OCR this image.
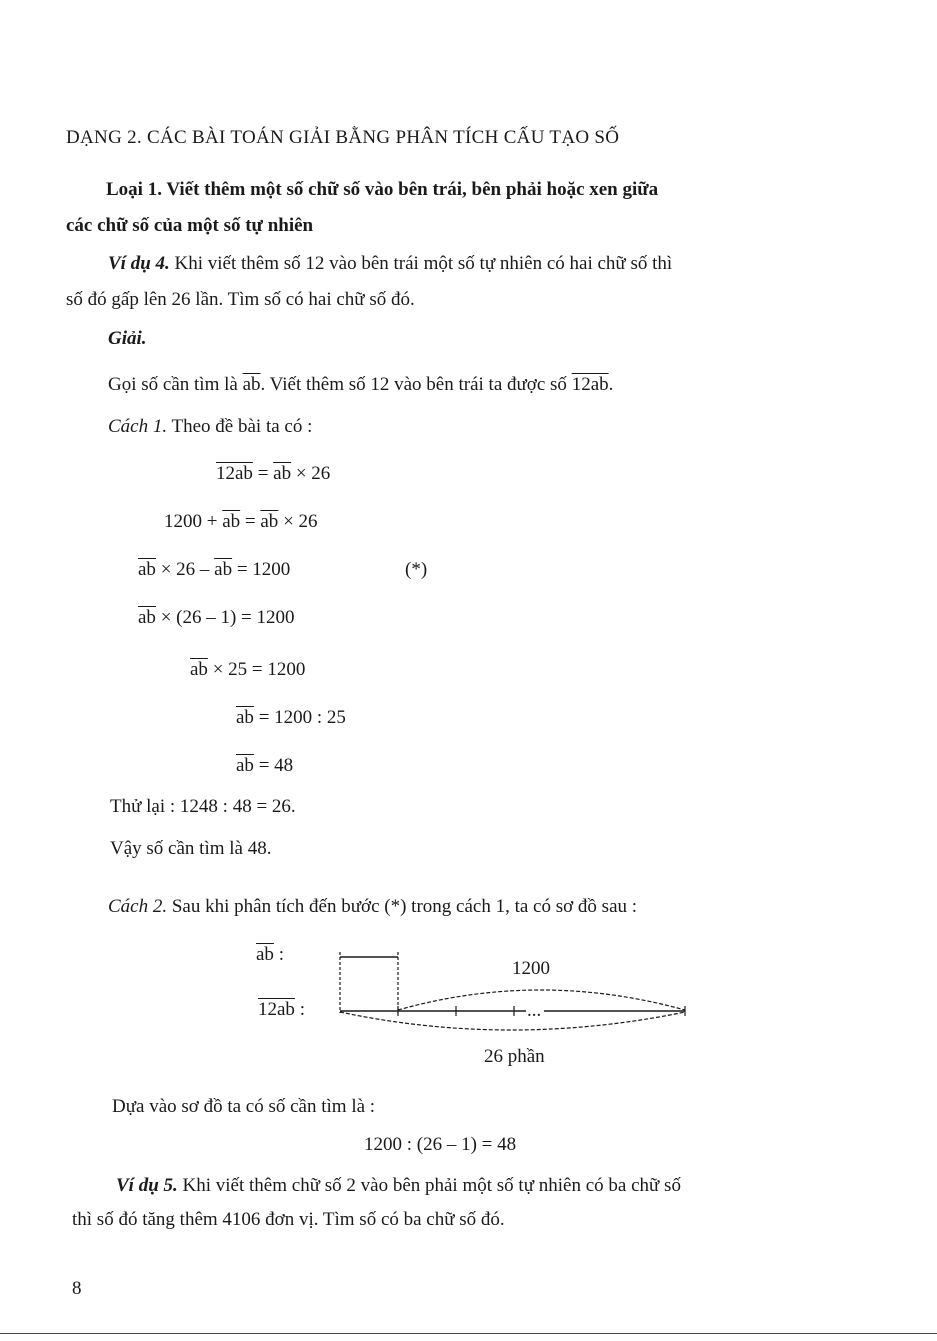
DẠNG 2. CÁC BÀI TOÁN GIẢI BẰNG PHÂN TÍCH CẤU TẠO SỐ
Loại 1. Viết thêm một số chữ số vào bên trái, bên phải hoặc xen giữa
các chữ số của một số tự nhiên
Ví dụ 4. Khi viết thêm số 12 vào bên trái một số tự nhiên có hai chữ số thì
số đó gấp lên 26 lần. Tìm số có hai chữ số đó.
Giải.
Gọi số cần tìm là $\overline{ab}$. Viết thêm số 12 vào bên trái ta được số 12ab.
Cách 1. Theo đề bài ta có :
$12ab = \overline{ab} \times 26$
$1200 + \overline{ab} = \overline{ab} \times 26$
$\overline{ab} \times 26 - \overline{ab} = 1200$	(*)
$\overline{ab} \times (26 - 1) = 1200$
$\overline{ab} \times 25 = 1200$
$\overline{ab} = 1200$ : 25
$\overline{ab} = 48$
Thử lại : 1248 : 48 = 26.
Vậy số cần tìm là 48.
Cách 2. Sau khi phân tích đến bước (*) trong cách 1, ta có sơ đồ sau :
$\overline{ab}$ :
12ab :
1200
26 phần
...
Dựa vào sơ đồ ta có số cần tìm là :
1200 : (26 – 1) = 48
Ví dụ 5. Khi viết thêm chữ số 2 vào bên phải một số tự nhiên có ba chữ số
thì số đó tăng thêm 4106 đơn vị. Tìm số có ba chữ số đó.
8
